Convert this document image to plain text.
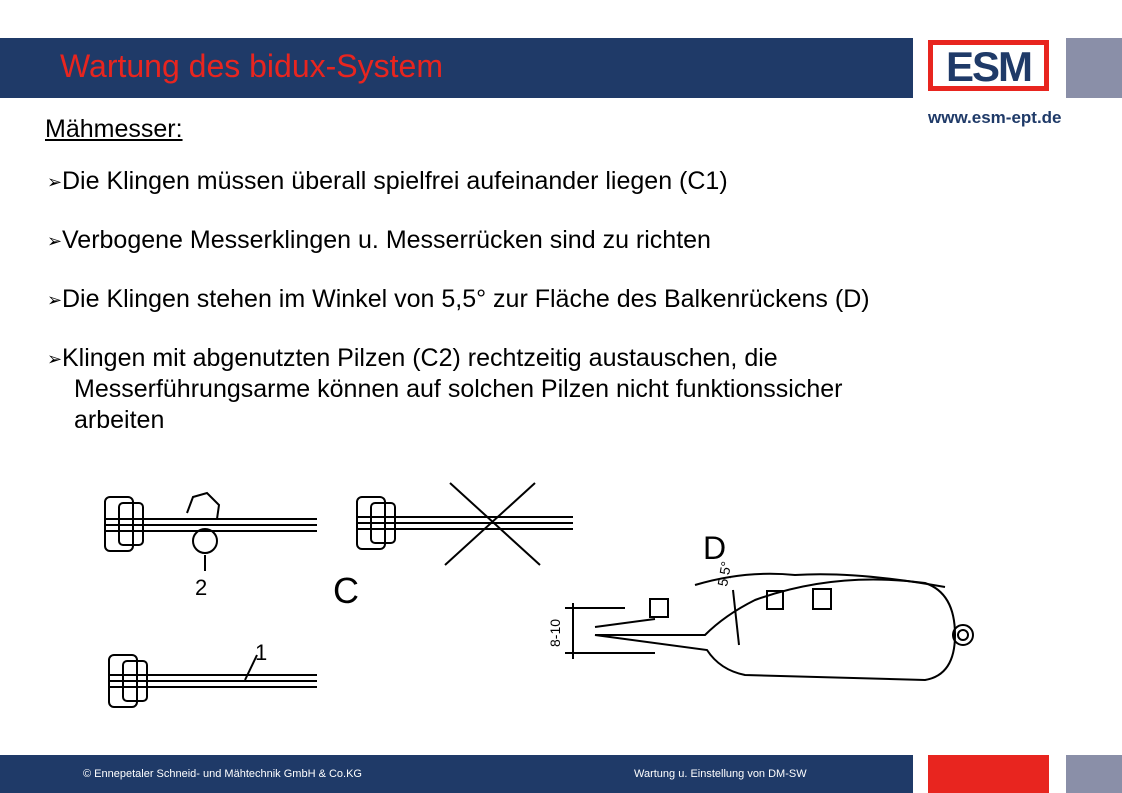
Wartung des bidux-System	ESM
www.esm-ept.de
Mähmesser:
➢ Die Klingen müssen überall spielfrei aufeinander liegen (C1)
➢ Verbogene Messerklingen u. Messerrücken sind zu richten
➢ Die Klingen stehen im Winkel von 5,5° zur Fläche des Balkenrückens (D)
➢ Klingen mit abgenutzten Pilzen (C2) rechtzeitig austauschen, die
Messerführungsarme können auf solchen Pilzen nicht funktionssicher
arbeiten
2
1
C
D
5,5°
8-10
© Ennepetaler Schneid- und Mähtechnik GmbH & Co.KG	Wartung u. Einstellung von DM-SW
